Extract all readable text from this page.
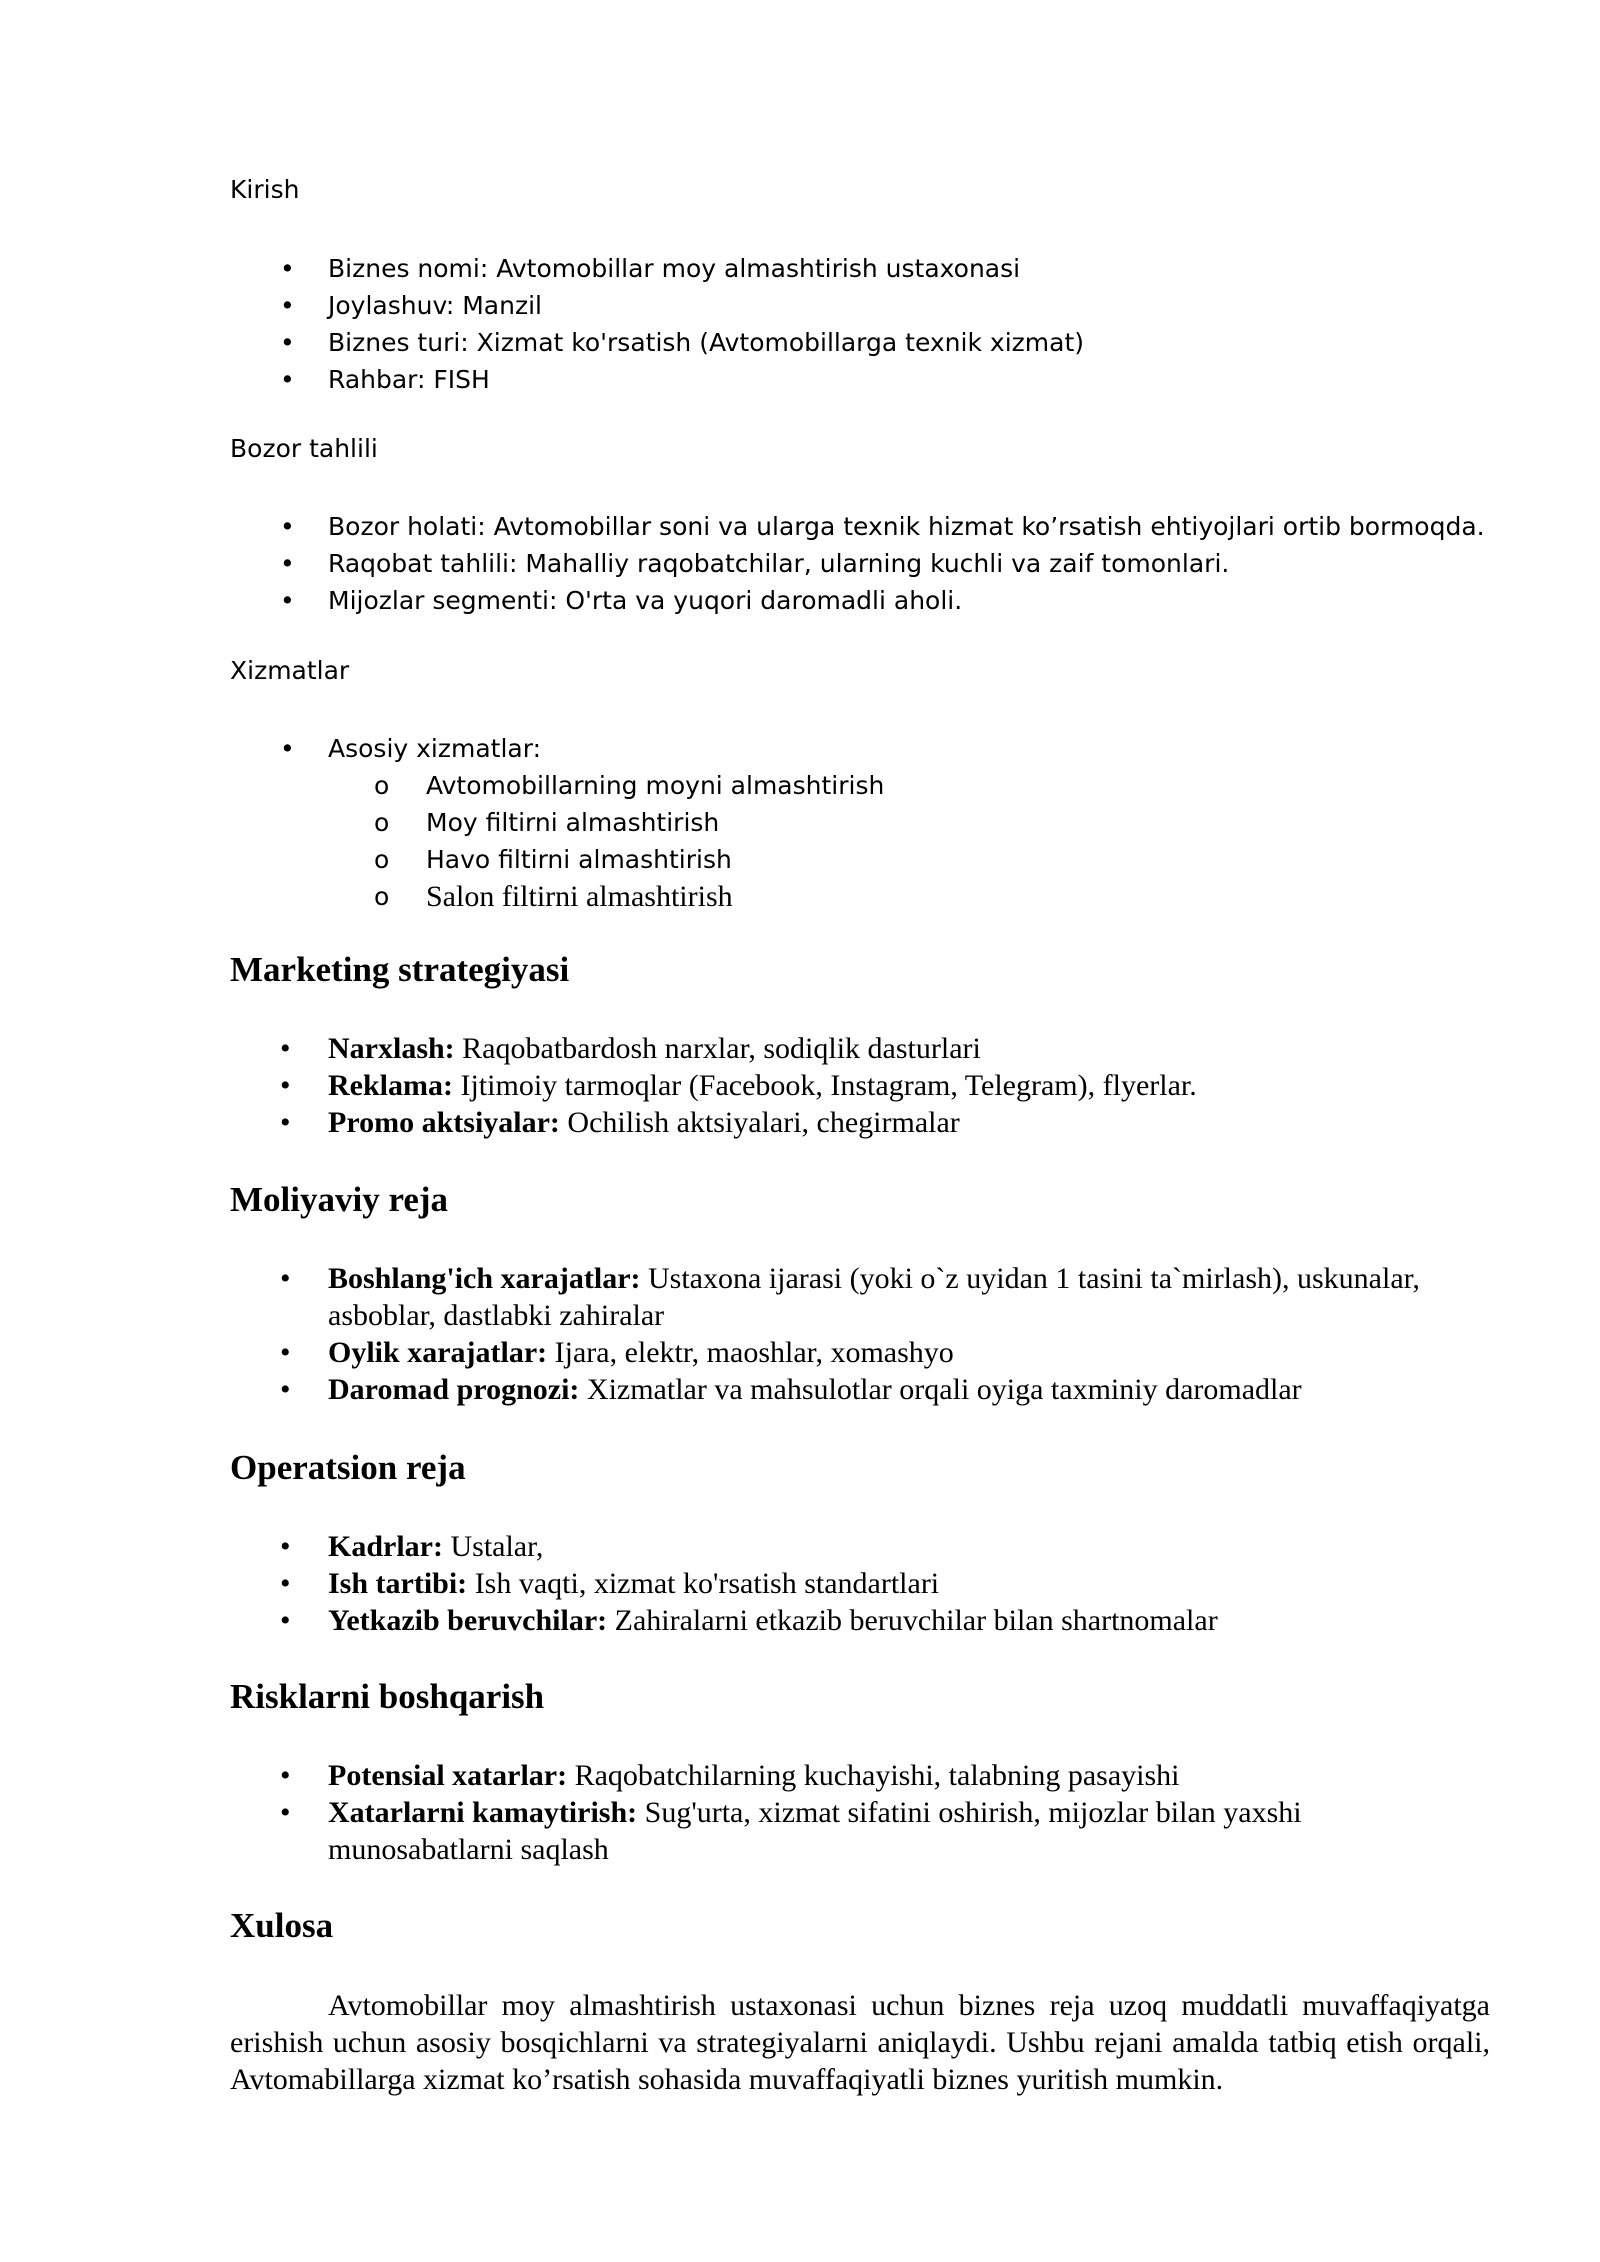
Kirish

• Biznes nomi: Avtomobillar moy almashtirish ustaxonasi
• Joylashuv: Manzil
• Biznes turi: Xizmat ko'rsatish (Avtomobillarga texnik xizmat)
• Rahbar: FISH

Bozor tahlili

• Bozor holati: Avtomobillar soni va ularga texnik hizmat ko’rsatish ehtiyojlari ortib bormoqda.
• Raqobat tahlili: Mahalliy raqobatchilar, ularning kuchli va zaif tomonlari.
• Mijozlar segmenti: O'rta va yuqori daromadli aholi.

Xizmatlar

• Asosiy xizmatlar:
o Avtomobillarning moyni almashtirish
o Moy filtirni almashtirish
o Havo filtirni almashtirish
o Salon filtirni almashtirish
Marketing strategiyasi
• Narxlash: Raqobatbardosh narxlar, sodiqlik dasturlari
• Reklama: Ijtimoiy tarmoqlar (Facebook, Instagram, Telegram), flyerlar.
• Promo aktsiyalar: Ochilish aktsiyalari, chegirmalar
Moliyaviy reja
• Boshlang'ich xarajatlar: Ustaxona ijarasi (yoki o`z uyidan 1 tasini ta`mirlash), uskunalar, asboblar, dastlabki zahiralar
• Oylik xarajatlar: Ijara, elektr, maoshlar, xomashyo
• Daromad prognozi: Xizmatlar va mahsulotlar orqali oyiga taxminiy daromadlar
Operatsion reja
• Kadrlar: Ustalar,
• Ish tartibi: Ish vaqti, xizmat ko'rsatish standartlari
• Yetkazib beruvchilar: Zahiralarni etkazib beruvchilar bilan shartnomalar
Risklarni boshqarish
• Potensial xatarlar: Raqobatchilarning kuchayishi, talabning pasayishi
• Xatarlarni kamaytirish: Sug'urta, xizmat sifatini oshirish, mijozlar bilan yaxshi munosabatlarni saqlash
Xulosa

Avtomobillar moy almashtirish ustaxonasi uchun biznes reja uzoq muddatli muvaffaqiyatga erishish uchun asosiy bosqichlarni va strategiyalarni aniqlaydi. Ushbu rejani amalda tatbiq etish orqali, Avtomabillarga xizmat ko’rsatish sohasida muvaffaqiyatli biznes yuritish mumkin.
